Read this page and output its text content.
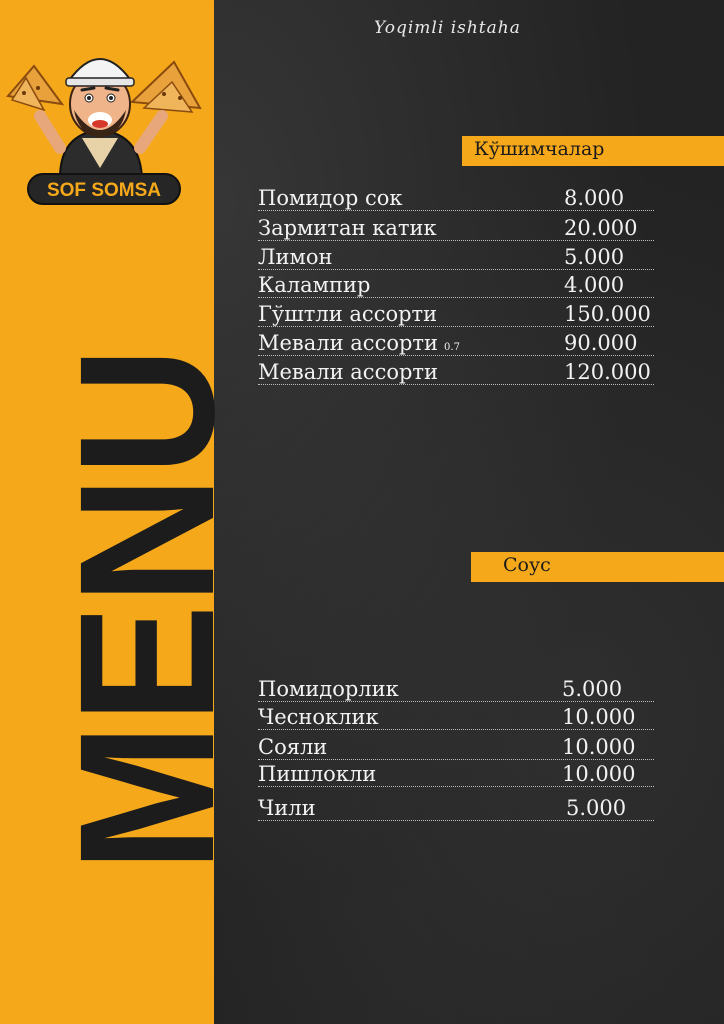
MENU
SOF SOMSA
Yoqimli ishtaha
Кўшимчалар
Соус
Помидор сок	8.000
Зармитан катик	20.000
Лимон	5.000
Калампир	4.000
Гўштли ассорти	150.000
Мевали ассорти 0.7	90.000
Мевали ассорти	120.000
Помидорлик	5.000
Чесноклик	10.000
Сояли	10.000
Пишлокли	10.000
Чили	5.000
